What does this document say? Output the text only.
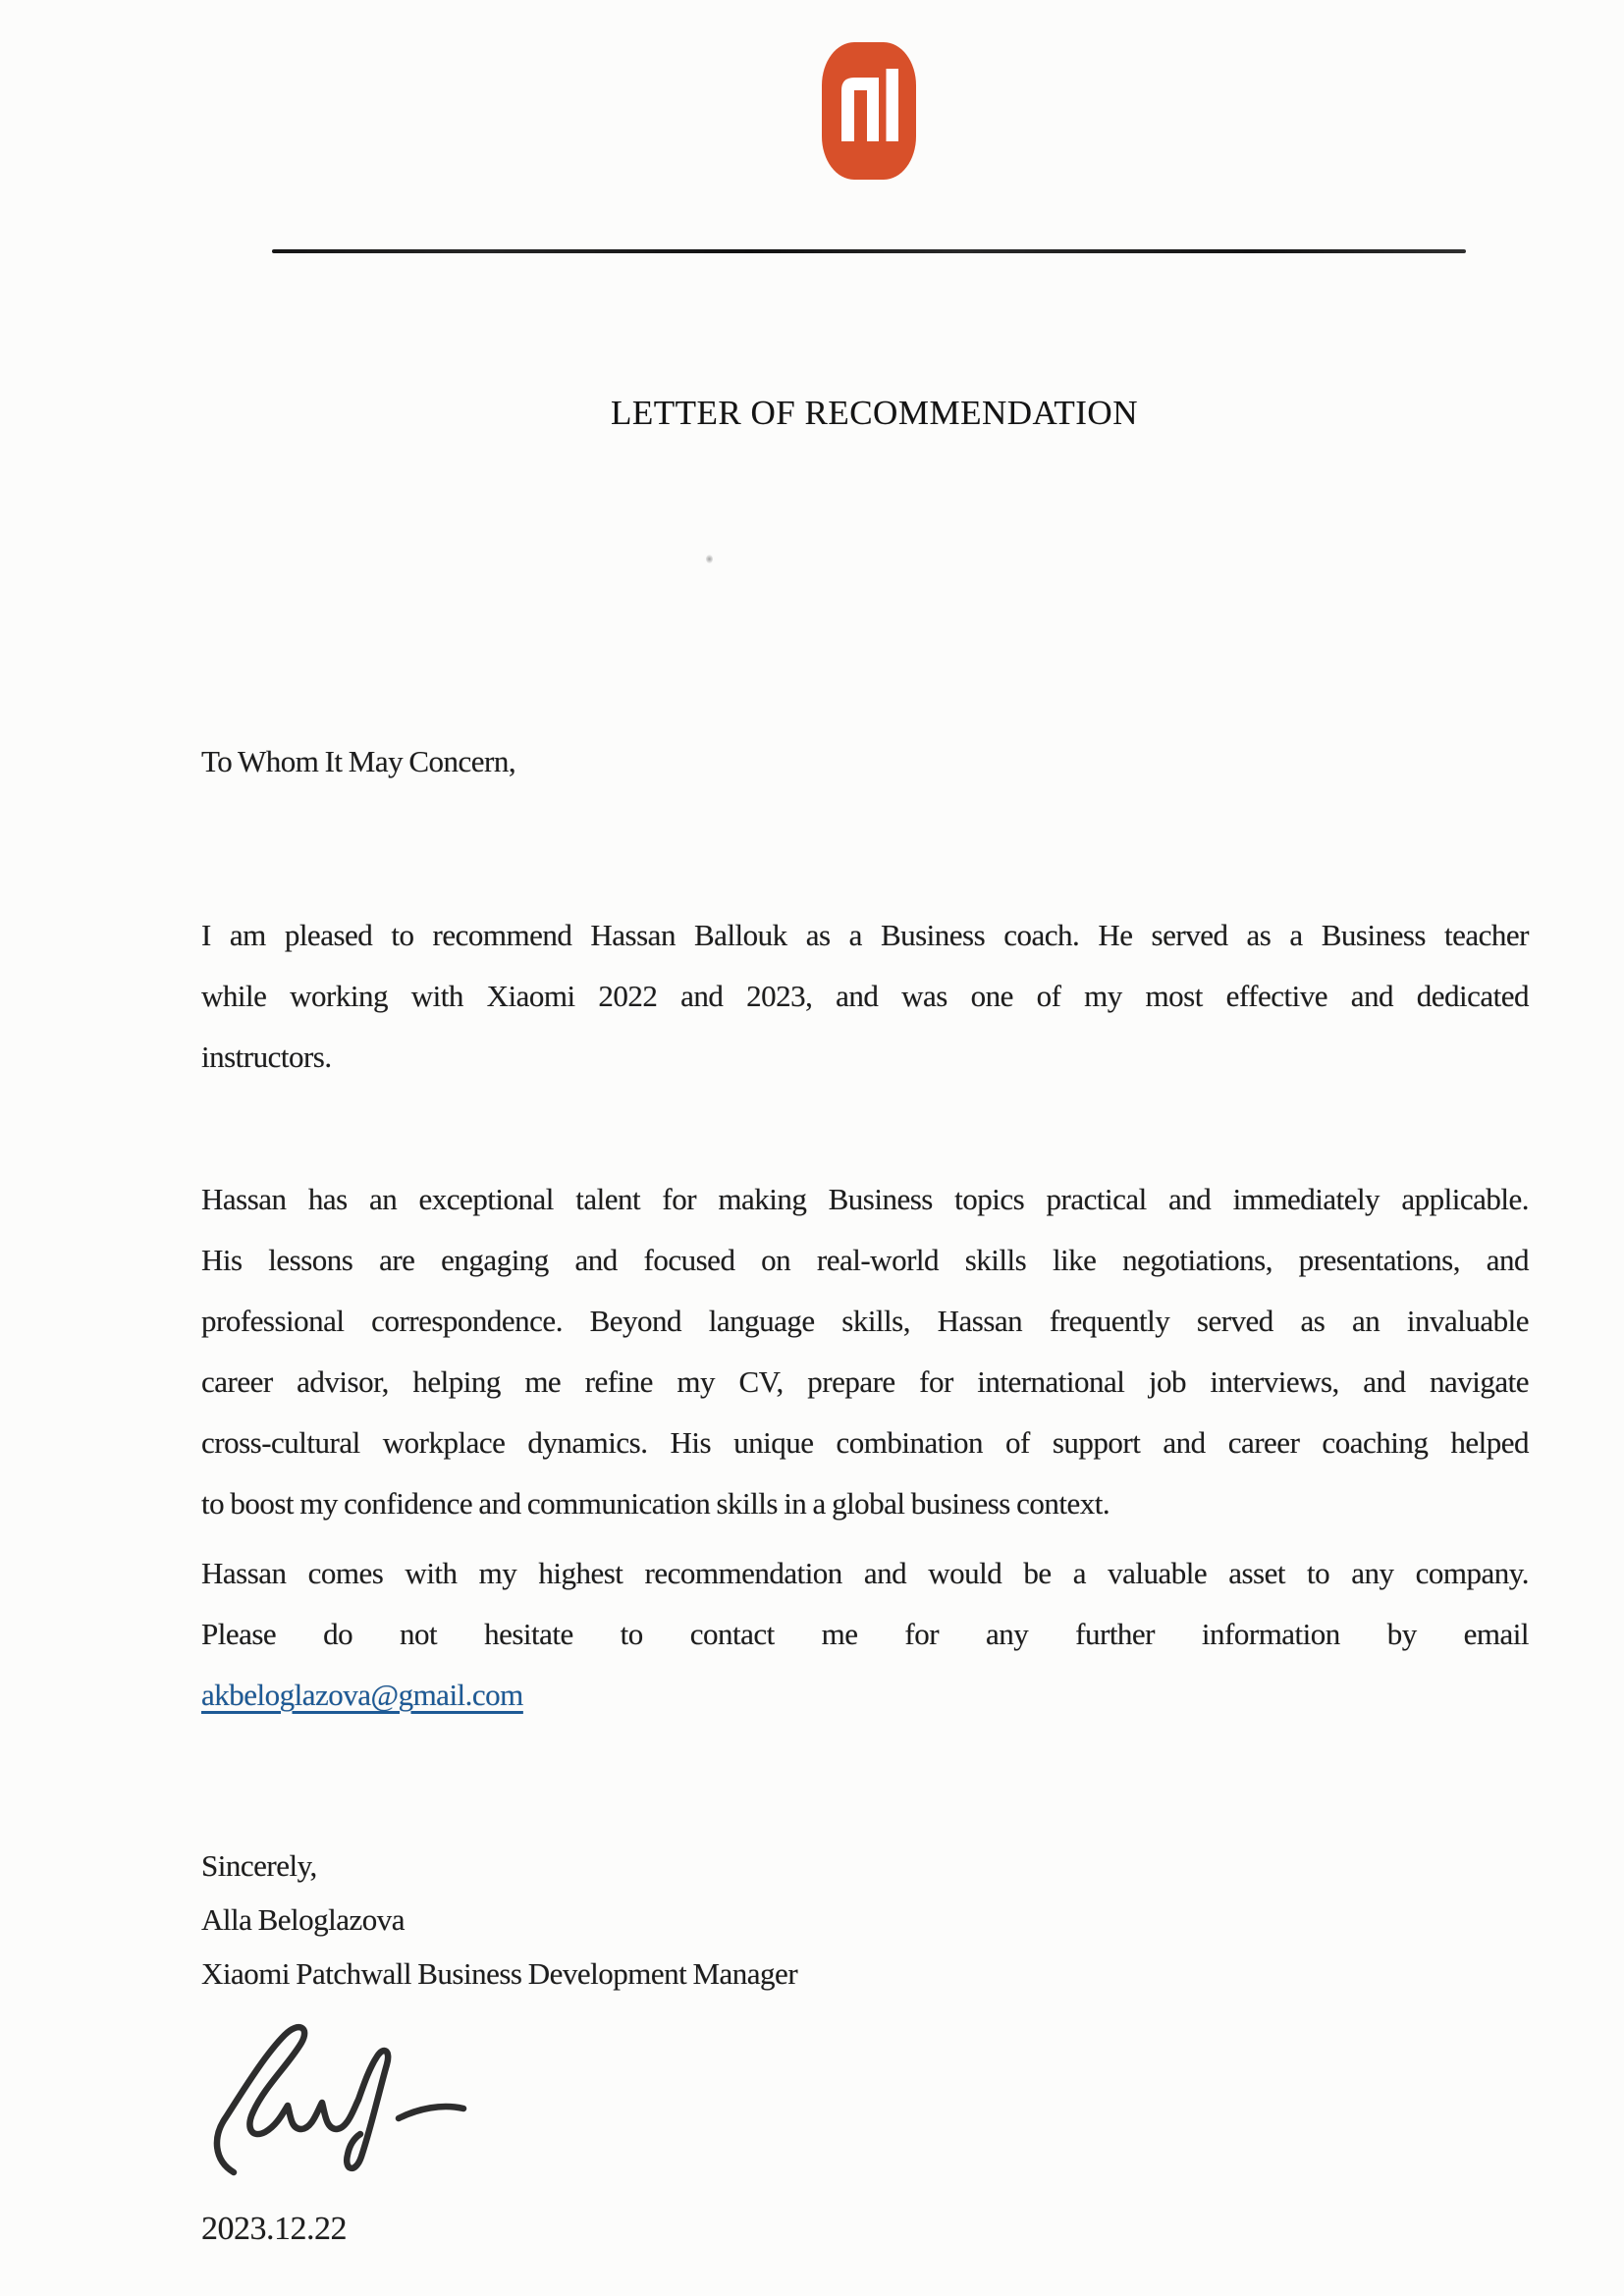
LETTER OF RECOMMENDATION
To Whom It May Concern,
I am pleased to recommend Hassan Ballouk as a Business coach. He served as a Business teacher
while working with Xiaomi 2022 and 2023, and was one of my most effective and dedicated
instructors.
Hassan has an exceptional talent for making Business topics practical and immediately applicable.
His lessons are engaging and focused on real-world skills like negotiations, presentations, and
professional correspondence. Beyond language skills, Hassan frequently served as an invaluable
career advisor, helping me refine my CV, prepare for international job interviews, and navigate
cross-cultural workplace dynamics. His unique combination of support and career coaching helped
to boost my confidence and communication skills in a global business context.
Hassan comes with my highest recommendation and would be a valuable asset to any company.
Please do not hesitate to contact me for any further information by email
akbeloglazova@gmail.com
Sincerely,
Alla Beloglazova
Xiaomi Patchwall Business Development Manager
2023.12.22
